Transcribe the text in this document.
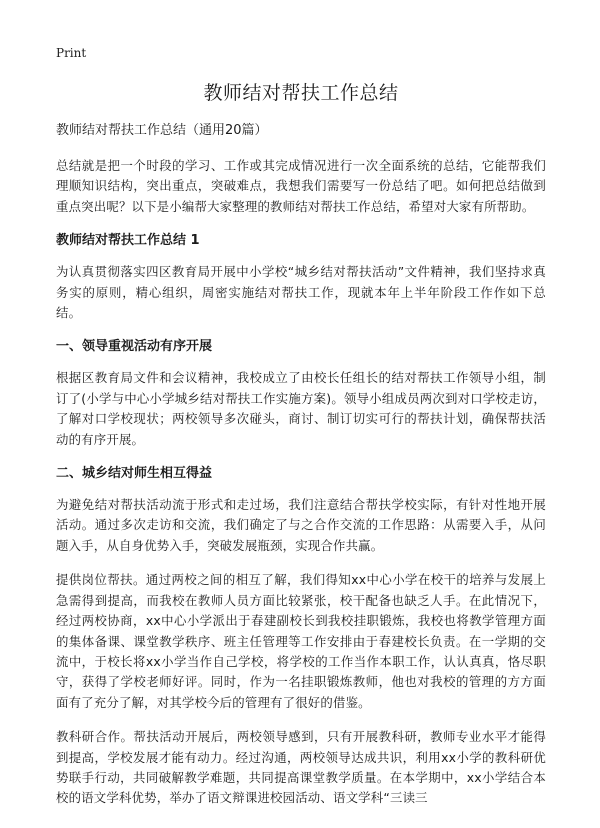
Print
教师结对帮扶工作总结
教师结对帮扶工作总结（通用20篇）

总结就是把一个时段的学习、工作或其完成情况进行一次全面系统的总结，它能帮我们理顺知识结构，突出重点，突破难点，我想我们需要写一份总结了吧。如何把总结做到重点突出呢？以下是小编帮大家整理的教师结对帮扶工作总结，希望对大家有所帮助。

教师结对帮扶工作总结 1

为认真贯彻落实四区教育局开展中小学校“城乡结对帮扶活动”文件精神，我们坚持求真务实的原则，精心组织，周密实施结对帮扶工作，现就本年上半年阶段工作作如下总结。

一、领导重视活动有序开展

根据区教育局文件和会议精神，我校成立了由校长任组长的结对帮扶工作领导小组，制订了(小学与中心小学城乡结对帮扶工作实施方案)。领导小组成员两次到对口学校走访，了解对口学校现状；两校领导多次碰头，商讨、制订切实可行的帮扶计划，确保帮扶活动的有序开展。

二、城乡结对师生相互得益

为避免结对帮扶活动流于形式和走过场，我们注意结合帮扶学校实际，有针对性地开展活动。通过多次走访和交流，我们确定了与之合作交流的工作思路：从需要入手，从问题入手，从自身优势入手，突破发展瓶颈，实现合作共赢。

提供岗位帮扶。通过两校之间的相互了解，我们得知xx中心小学在校干的培养与发展上急需得到提高，而我校在教师人员方面比较紧张，校干配备也缺乏人手。在此情况下，经过两校协商，xx中心小学派出于春建副校长到我校挂职锻炼，我校也将教学管理方面的集体备课、课堂教学秩序、班主任管理等工作安排由于春建校长负责。在一学期的交流中，于校长将xx小学当作自己学校，将学校的工作当作本职工作，认认真真，恪尽职守，获得了学校老师好评。同时，作为一名挂职锻炼教师，他也对我校的管理的方方面面有了充分了解，对其学校今后的管理有了很好的借鉴。

教科研合作。帮扶活动开展后，两校领导感到，只有开展教科研，教师专业水平才能得到提高，学校发展才能有动力。经过沟通，两校领导达成共识，利用xx小学的教科研优势联手行动，共同破解教学难题，共同提高课堂教学质量。在本学期中，xx小学结合本校的语文学科优势，举办了语文辩课进校园活动、语文学科“三读三
